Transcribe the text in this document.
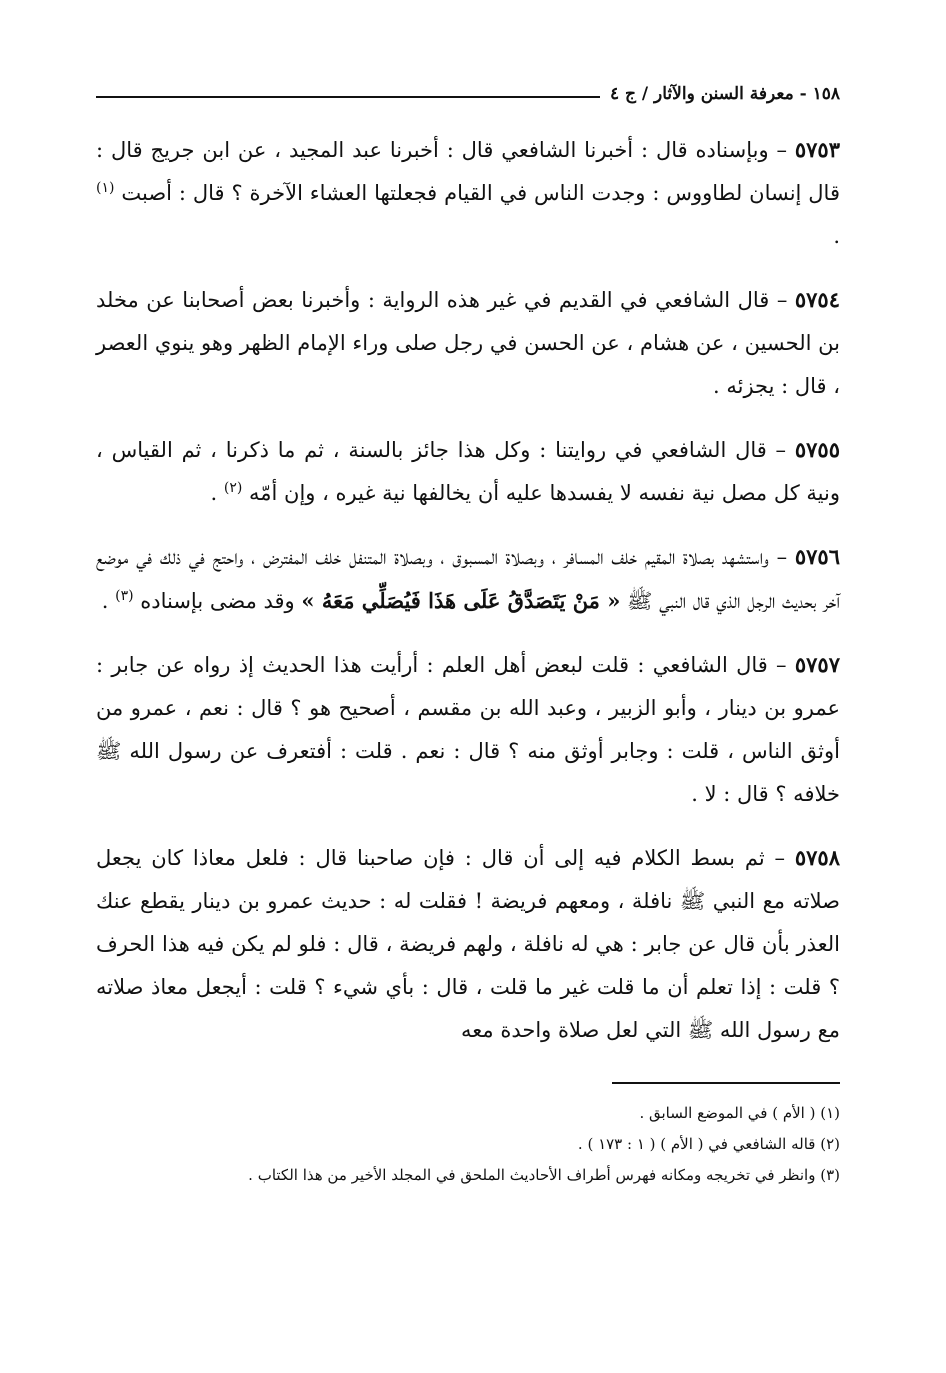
١٥٨
-
معرفة السنن والآثار / ج ٤

٥٧٥٣ – وبإسناده قال : أخبرنا الشافعي قال : أخبرنا عبد المجيد ، عن ابن جريج قال : قال إنسان لطاووس : وجدت الناس في القيام فجعلتها العشاء الآخرة ؟ قال : أصبت $^{(١)}$ .

٥٧٥٤ – قال الشافعي في القديم في غير هذه الرواية : وأخبرنا بعض أصحابنا عن مخلد بن الحسين ، عن هشام ، عن الحسن في رجل صلى وراء الإمام الظهر وهو ينوي العصر ، قال : يجزئه .

٥٧٥٥ – قال الشافعي في روايتنا : وكل هذا جائز بالسنة ، ثم ما ذكرنا ، ثم القياس ، ونية كل مصل نية نفسه لا يفسدها عليه أن يخالفها نية غيره ، وإن أمّه $^{(٢)}$ .

٥٧٥٦ – واستشهد بصلاة المقيم خلف المسافر ، وبصلاة المسبوق ، وبصلاة المتنفل خلف المفترض ، واحتج في ذلك في موضع آخر بحديث الرجل الذي قال النبي ﷺ « مَنْ يَتَصَدَّقُ عَلَى هَذَا فَيُصَلِّي مَعَهُ » وقد مضى بإسناده $^{(٣)}$ .

٥٧٥٧ – قال الشافعي : قلت لبعض أهل العلم : أرأيت هذا الحديث إذ رواه عن جابر : عمرو بن دينار ، وأبو الزبير ، وعبد الله بن مقسم ، أصحيح هو ؟ قال : نعم ، عمرو من أوثق الناس ، قلت : وجابر أوثق منه ؟ قال : نعم . قلت : أفتعرف عن رسول الله ﷺ خلافه ؟ قال : لا .

٥٧٥٨ – ثم بسط الكلام فيه إلى أن قال : فإن صاحبنا قال : فلعل معاذا كان يجعل صلاته مع النبي ﷺ نافلة ، ومعهم فريضة ! فقلت له : حديث عمرو بن دينار يقطع عنك العذر بأن قال عن جابر : هي له نافلة ، ولهم فريضة ، قال : فلو لم يكن فيه هذا الحرف ؟ قلت : إذا تعلم أن ما قلت غير ما قلت ، قال : بأي شيء ؟ قلت : أيجعل معاذ صلاته مع رسول الله ﷺ التي لعل صلاة واحدة معه

(١) ( الأم ) في الموضع السابق .

(٢) قاله الشافعي في ( الأم ) ( ١ : ١٧٣ ) .

(٣) وانظر في تخريجه ومكانه فهرس أطراف الأحاديث الملحق في المجلد الأخير من هذا الكتاب .
